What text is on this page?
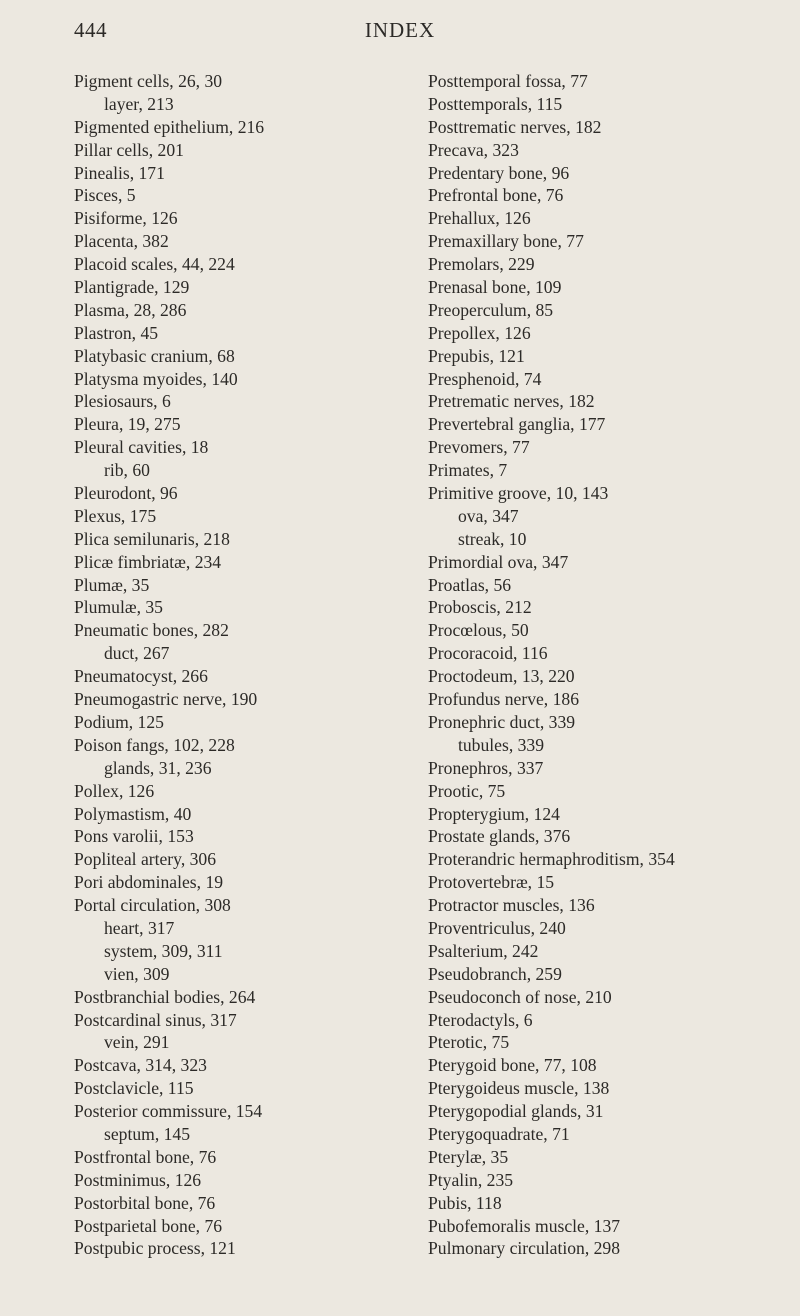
444	INDEX
Pigment cells, 26, 30
layer, 213
Pigmented epithelium, 216
Pillar cells, 201
Pinealis, 171
Pisces, 5
Pisiforme, 126
Placenta, 382
Placoid scales, 44, 224
Plantigrade, 129
Plasma, 28, 286
Plastron, 45
Platybasic cranium, 68
Platysma myoides, 140
Plesiosaurs, 6
Pleura, 19, 275
Pleural cavities, 18
rib, 60
Pleurodont, 96
Plexus, 175
Plica semilunaris, 218
Plicæ fimbriatæ, 234
Plumæ, 35
Plumulæ, 35
Pneumatic bones, 282
duct, 267
Pneumatocyst, 266
Pneumogastric nerve, 190
Podium, 125
Poison fangs, 102, 228
glands, 31, 236
Pollex, 126
Polymastism, 40
Pons varolii, 153
Popliteal artery, 306
Pori abdominales, 19
Portal circulation, 308
heart, 317
system, 309, 311
vien, 309
Postbranchial bodies, 264
Postcardinal sinus, 317
vein, 291
Postcava, 314, 323
Postclavicle, 115
Posterior commissure, 154
septum, 145
Postfrontal bone, 76
Postminimus, 126
Postorbital bone, 76
Postparietal bone, 76
Postpubic process, 121
Posttemporal fossa, 77
Posttemporals, 115
Posttrematic nerves, 182
Precava, 323
Predentary bone, 96
Prefrontal bone, 76
Prehallux, 126
Premaxillary bone, 77
Premolars, 229
Prenasal bone, 109
Preoperculum, 85
Prepollex, 126
Prepubis, 121
Presphenoid, 74
Pretrematic nerves, 182
Prevertebral ganglia, 177
Prevomers, 77
Primates, 7
Primitive groove, 10, 143
ova, 347
streak, 10
Primordial ova, 347
Proatlas, 56
Proboscis, 212
Procœlous, 50
Procoracoid, 116
Proctodeum, 13, 220
Profundus nerve, 186
Pronephric duct, 339
tubules, 339
Pronephros, 337
Prootic, 75
Propterygium, 124
Prostate glands, 376
Proterandric hermaphroditism, 354
Protovertebræ, 15
Protractor muscles, 136
Proventriculus, 240
Psalterium, 242
Pseudobranch, 259
Pseudoconch of nose, 210
Pterodactyls, 6
Pterotic, 75
Pterygoid bone, 77, 108
Pterygoideus muscle, 138
Pterygopodial glands, 31
Pterygoquadrate, 71
Pterylæ, 35
Ptyalin, 235
Pubis, 118
Pubofemoralis muscle, 137
Pulmonary circulation, 298
